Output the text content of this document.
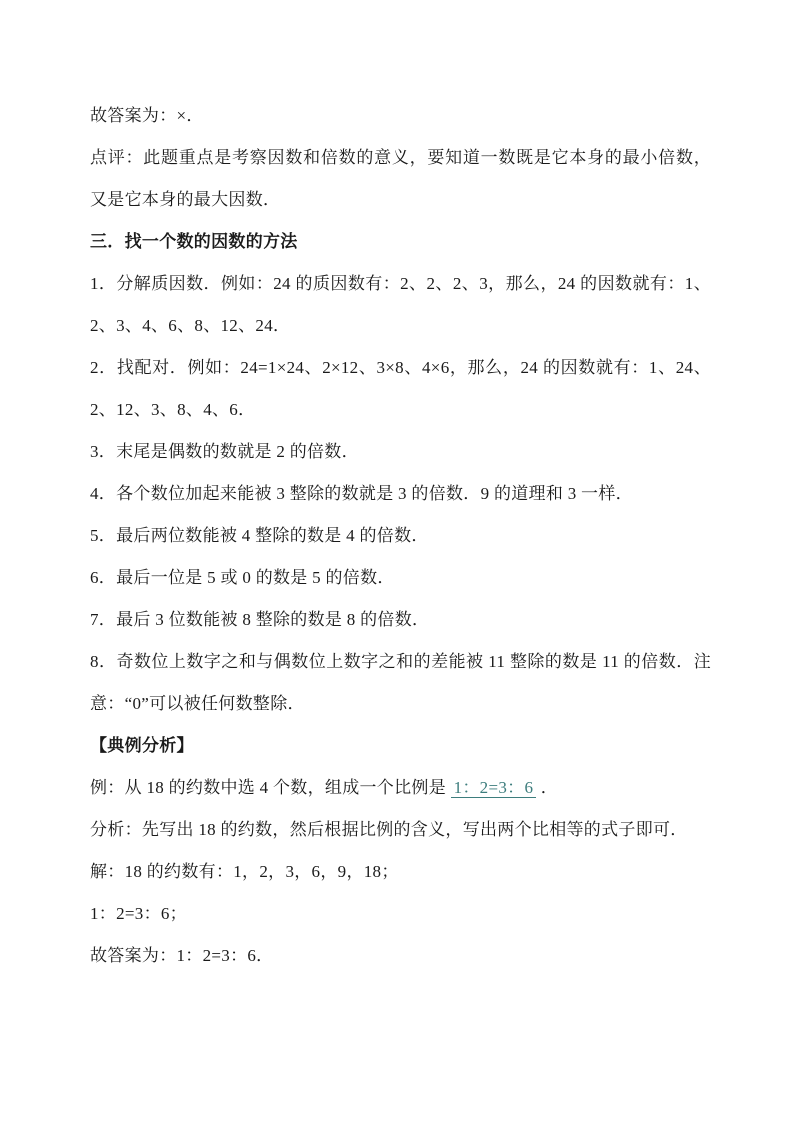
故答案为：×．

点评：此题重点是考察因数和倍数的意义，要知道一数既是它本身的最小倍数，又是它本身的最大因数．

三．找一个数的因数的方法

1．分解质因数．例如：24 的质因数有：2、2、2、3，那么，24 的因数就有：1、2、3、4、6、8、12、24．

2．找配对．例如：24=1×24、2×12、3×8、4×6，那么，24 的因数就有：1、24、2、12、3、8、4、6．

3．末尾是偶数的数就是 2 的倍数．

4．各个数位加起来能被 3 整除的数就是 3 的倍数．9 的道理和 3 一样．

5．最后两位数能被 4 整除的数是 4 的倍数．

6．最后一位是 5 或 0 的数是 5 的倍数．

7．最后 3 位数能被 8 整除的数是 8 的倍数．

8．奇数位上数字之和与偶数位上数字之和的差能被 11 整除的数是 11 的倍数．注意：“0”可以被任何数整除．

【典例分析】

例：从 18 的约数中选 4 个数，组成一个比例是 1：2=3：6 ．

分析：先写出 18 的约数，然后根据比例的含义，写出两个比相等的式子即可．

解：18 的约数有：1，2，3，6，9，18；

1：2=3：6；

故答案为：1：2=3：6．
